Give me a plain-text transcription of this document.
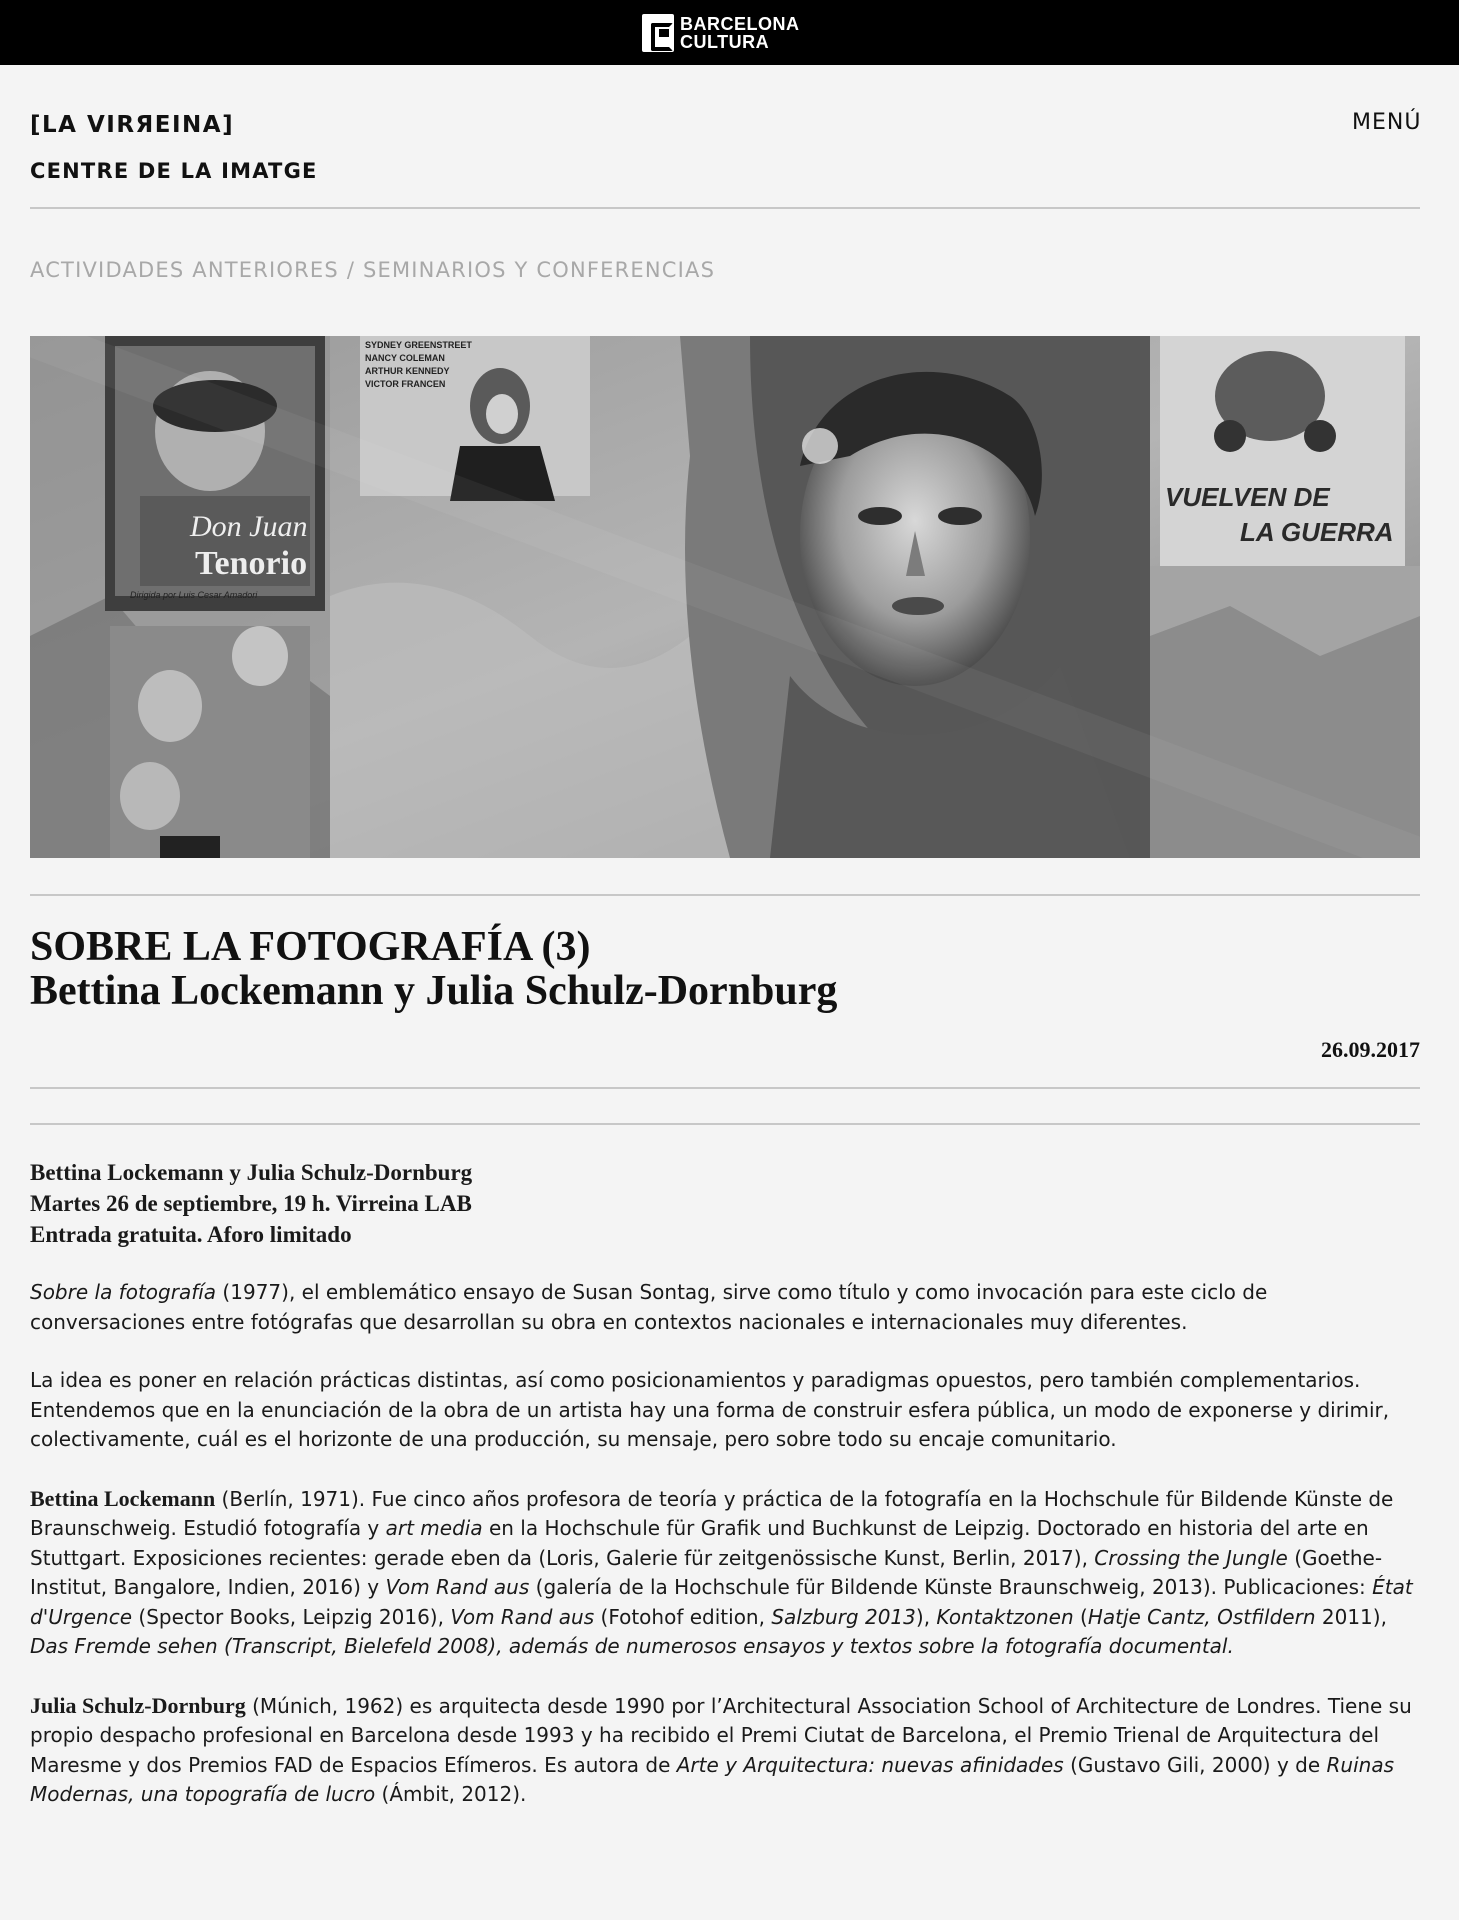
BARCELONA
CULTURA
[LA VIRЯEINA]
CENTRE DE LA IMATGE
MENÚ
ACTIVIDADES ANTERIORES / SEMINARIOS Y CONFERENCIAS
Don Juan
Tenorio
Dirigida por Luis Cesar Amadori
SYDNEY GREENSTREET
NANCY COLEMAN
ARTHUR KENNEDY
VICTOR FRANCEN
VUELVEN DE
LA GUERRA
SOBRE LA FOTOGRAFÍA (3)
Bettina Lockemann y Julia Schulz-Dornburg
26.09.2017
Bettina Lockemann y Julia Schulz-Dornburg
Martes 26 de septiembre, 19 h. Virreina LAB
Entrada gratuita. Aforo limitado

Sobre la fotografía (1977), el emblemático ensayo de Susan Sontag, sirve como título y como invocación para este ciclo de conversaciones entre fotógrafas que desarrollan su obra en contextos nacionales e internacionales muy diferentes.

La idea es poner en relación prácticas distintas, así como posicionamientos y paradigmas opuestos, pero también complementarios. Entendemos que en la enunciación de la obra de un artista hay una forma de construir esfera pública, un modo de exponerse y dirimir, colectivamente, cuál es el horizonte de una producción, su mensaje, pero sobre todo su encaje comunitario.

Bettina Lockemann (Berlín, 1971). Fue cinco años profesora de teoría y práctica de la fotografía en la Hochschule für Bildende Künste de Braunschweig. Estudió fotografía y art media en la Hochschule für Grafik und Buchkunst de Leipzig. Doctorado en historia del arte en Stuttgart. Exposiciones recientes: gerade eben da (Loris, Galerie für zeitgenössische Kunst, Berlin, 2017), Crossing the Jungle (Goethe-Institut, Bangalore, Indien, 2016) y Vom Rand aus (galería de la Hochschule für Bildende Künste Braunschweig, 2013). Publicaciones: État d'Urgence (Spector Books, Leipzig 2016), Vom Rand aus (Fotohof edition, Salzburg 2013), Kontaktzonen (Hatje Cantz, Ostfildern 2011), Das Fremde sehen (Transcript, Bielefeld 2008), además de numerosos ensayos y textos sobre la fotografía documental.

Julia Schulz-Dornburg (Múnich, 1962) es arquitecta desde 1990 por l’Architectural Association School of Architecture de Londres. Tiene su propio despacho profesional en Barcelona desde 1993 y ha recibido el Premi Ciutat de Barcelona, el Premio Trienal de Arquitectura del Maresme y dos Premios FAD de Espacios Efímeros. Es autora de Arte y Arquitectura: nuevas afinidades (Gustavo Gili, 2000) y de Ruinas Modernas, una topografía de lucro (Ámbit, 2012).
